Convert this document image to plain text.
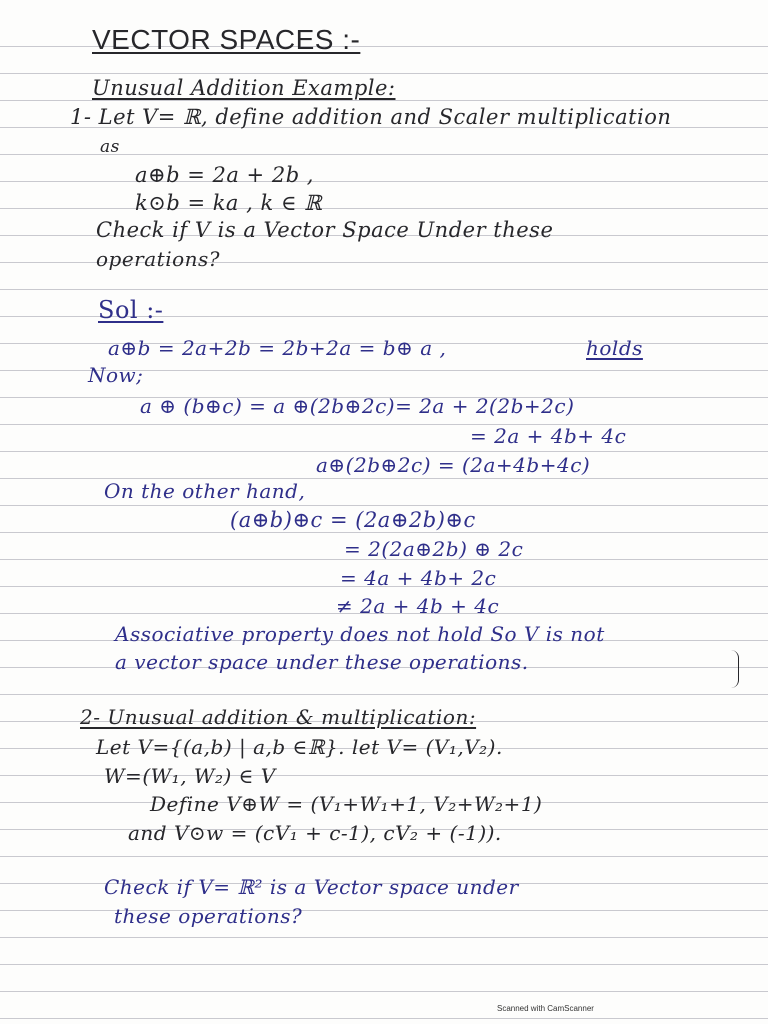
VECTOR SPACES :-
Unusual Addition Example:
1- Let V= ℝ, define addition and Scaler multiplication
as
a⊕b = 2a + 2b ,
k⊙b = ka , k ∈ ℝ
Check if V is a Vector Space Under these
operations?
Sol :-
a⊕b = 2a+2b = 2b+2a = b⊕ a ,	holds
Now;
a ⊕ (b⊕c) = a ⊕(2b⊕2c)= 2a + 2(2b+2c)
= 2a + 4b+ 4c
a⊕(2b⊕2c) = (2a+4b+4c)
On the other hand,
(a⊕b)⊕c = (2a⊕2b)⊕c
= 2(2a⊕2b) ⊕ 2c
= 4a + 4b+ 2c
≠ 2a + 4b + 4c
Associative property does not hold So V is not
a vector space under these operations.
2- Unusual addition & multiplication:
Let V={(a,b) | a,b ∈ℝ}. let V= (V₁,V₂).
W=(W₁, W₂) ∈ V
Define V⊕W = (V₁+W₁+1, V₂+W₂+1)
and V⊙w = (cV₁ + c-1), cV₂ + (-1)).
Check if V= ℝ² is a Vector space under
these operations?
Scanned with CamScanner
